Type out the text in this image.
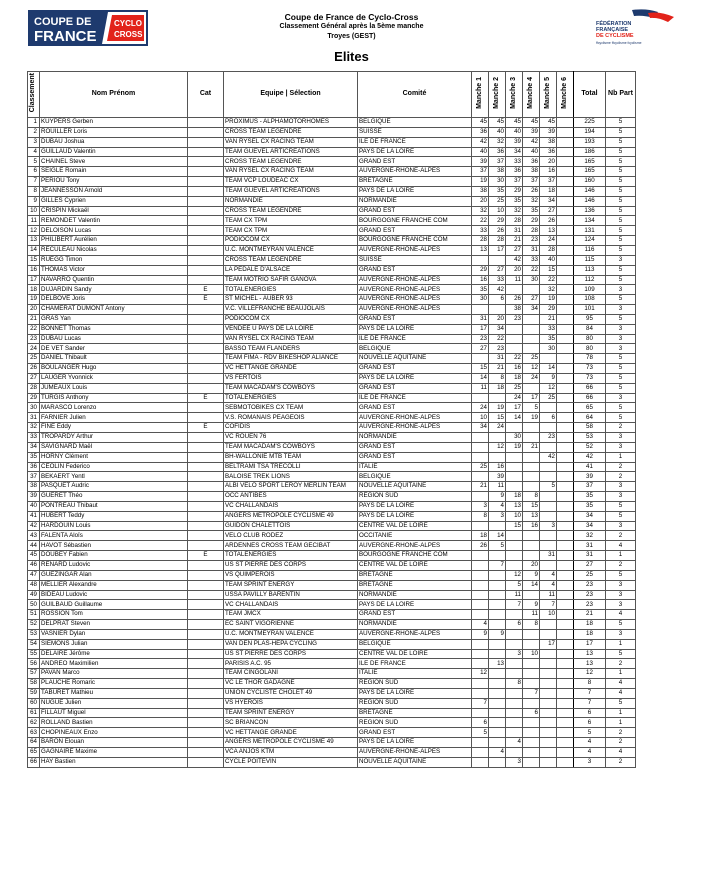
COUPE DE
FRANCE
CYCLO
CROSS
FÉDÉRATION
FRANÇAISE
DE CYCLISME
ffcyclisme ffcyclisme fcyclisme
Coupe de France de Cyclo-Cross
Classement Général après la 5ème manche
Troyes (GEST)
Elites
Classement	Nom Prénom	Cat	Equipe | Sélection	Comité	Manche 1	Manche 2	Manche 3	Manche 4	Manche 5	Manche 6	Total	Nb Part
1	KUYPERS Gerben		PROXIMUS - ALPHAMOTORHOMES	BELGIQUE	45	45	45	45	45		225	5
2	ROUILLER Loris		CROSS TEAM LEGENDRE	SUISSE	36	40	40	39	39		194	5
3	DUBAU Joshua		VAN RYSEL CX RACING TEAM	ILE DE FRANCE	42	32	39	42	38		193	5
4	GUILLAUD Valentin		TEAM GUEVEL ARTICREATIONS	PAYS DE LA LOIRE	40	36	34	40	36		186	5
5	CHAINEL Steve		CROSS TEAM LEGENDRE	GRAND EST	39	37	33	36	20		165	5
6	SEIGLE Romain		VAN RYSEL CX RACING TEAM	AUVERGNE-RHONE-ALPES	37	38	36	38	16		165	5
7	PERIOU Tony		TEAM VCP LOUDEAC CX	BRETAGNE	19	30	37	37	37		160	5
8	JEANNESSON Arnold		TEAM GUEVEL ARTICREATIONS	PAYS DE LA LOIRE	38	35	29	26	18		146	5
9	GILLES Cyprien		NORMANDIE	NORMANDIE	20	25	35	32	34		146	5
10	CRISPIN Mickaël		CROSS TEAM LEGENDRE	GRAND EST	32	10	32	35	27		136	5
11	REMONDET Valentin		TEAM CX TPM	BOURGOGNE FRANCHE COM	22	29	28	29	26		134	5
12	DELOISON Lucas		TEAM CX TPM	GRAND EST	33	26	31	28	13		131	5
13	PHILIBERT Aurélien		PODIOCOM CX	BOURGOGNE FRANCHE COM	28	28	21	23	24		124	5
14	RECULEAU Nicolas		U.C. MONTMEYRAN VALENCE	AUVERGNE-RHONE-ALPES	13	17	27	31	28		116	5
15	RUEGG Timon		CROSS TEAM LEGENDRE	SUISSE			42	33	40		115	3
16	THOMAS Victor		LA PEDALE D'ALSACE	GRAND EST	29	27	20	22	15		113	5
17	NAVARRO Quentin		TEAM MOTRIO SAFIR GANOVA	AUVERGNE-RHONE-ALPES	16	33	11	30	22		112	5
18	DUJARDIN Sandy	E	TOTALENERGIES	AUVERGNE-RHONE-ALPES	35	42			32		109	3
19	DELBOVE Joris	E	ST MICHEL - AUBER 93	AUVERGNE-RHONE-ALPES	30	6	26	27	19		108	5
20	CHAMERAT DUMONT Antony		V.C. VILLEFRANCHE BEAUJOLAIS	AUVERGNE-RHONE-ALPES			38	34	29		101	3
21	GRAS Yan		PODIOCOM CX	GRAND EST	31	20	23		21		95	5
22	BONNET Thomas		VENDEE U PAYS DE LA LOIRE	PAYS DE LA LOIRE	17	34			33		84	3
23	DUBAU Lucas		VAN RYSEL CX RACING TEAM	ILE DE FRANCE	23	22			35		80	3
24	DE VET Sander		BASSO TEAM FLANDERS	BELGIQUE	27	23			30		80	3
25	DANIEL Thibault		TEAM FIMA - RDV BIKESHOP ALIANCE	NOUVELLE AQUITAINE		31	22	25			78	5
26	BOULANGER Hugo		VC HETTANGE GRANDE	GRAND EST	15	21	16	12	14		73	5
27	LAUGER Yvonnick		VS FERTOIS	PAYS DE LA LOIRE	14	8	18	24	9		73	5
28	JUMEAUX Louis		TEAM MACADAM'S COWBOYS	GRAND EST	11	18	25		12		66	5
29	TURGIS Anthony	E	TOTALENERGIES	ILE DE FRANCE			24	17	25		66	3
30	MARASCO Lorenzo		SEBMOTOBIKES CX TEAM	GRAND EST	24	19	17	5			65	5
31	FARNIER Julien		V.S. ROMANAIS PEAGEOIS	AUVERGNE-RHONE-ALPES	10	15	14	19	6		64	5
32	FINE Eddy	E	COFIDIS	AUVERGNE-RHONE-ALPES	34	24					58	2
33	TROPARDY Arthur		VC ROUEN 76	NORMANDIE			30		23		53	3
34	SAVIGNARD Maël		TEAM MACADAM'S COWBOYS	GRAND EST		12	19	21			52	3
35	HORNY Clément		BH-WALLONIE MTB TEAM	GRAND EST					42		42	1
36	CEOLIN Federico		BELTRAMI TSA TRECOLLI	ITALIE	25	16					41	2
37	BEKAERT Yentl		BALOISE TREK LIONS	BELGIQUE		39					39	2
38	PASQUET Audric		ALBI VELO SPORT LEROY MERLIN TEAM	NOUVELLE AQUITAINE	21	11			5		37	3
39	GUERET Théo		OCC ANTIBES	REGION SUD		9	18	8			35	3
40	PONTREAU Thibaut		VC CHALLANDAIS	PAYS DE LA LOIRE	3	4	13	15			35	5
41	HUBERT Teddy		ANGERS METROPOLE CYCLISME 49	PAYS DE LA LOIRE	8	3	10	13			34	5
42	HARDOUIN Louis		GUIDON CHALETTOIS	CENTRE VAL DE LOIRE			15	16	3		34	3
43	FALENTA Aloïs		VELO CLUB RODEZ	OCCITANIE	18	14					32	2
44	HAVOT Sébastien		ARDENNES CROSS TEAM GECIBAT	AUVERGNE-RHONE-ALPES	26	5					31	4
45	DOUBEY Fabien	E	TOTALENERGIES	BOURGOGNE FRANCHE COM					31		31	1
46	RENARD Ludovic		US ST PIERRE DES CORPS	CENTRE VAL DE LOIRE		7		20			27	2
47	GUEZINGAR Alan		VS QUIMPEROIS	BRETAGNE			12	9	4		25	5
48	MELLIER Alexandre		TEAM SPRINT ENERGY	BRETAGNE			5	14	4		23	3
49	BIDEAU Ludovic		USSA PAVILLY BARENTIN	NORMANDIE			11		11		23	3
50	GUILBAUD Guillaume		VC CHALLANDAIS	PAYS DE LA LOIRE			7	9	7		23	3
51	ROSSION Tom		TEAM JMCX	GRAND EST				11	10		21	4
52	DELPRAT Steven		EC SAINT VIGORIENNE	NORMANDIE	4		6	8			18	5
53	VASNIER Dylan		U.C. MONTMEYRAN VALENCE	AUVERGNE-RHONE-ALPES	9	9					18	3
54	SIEMONS Julian		VAN DEN PLAS-HEPA CYCLING	BELGIQUE					17		17	1
55	DELAIRE Jérôme		US ST PIERRE DES CORPS	CENTRE VAL DE LOIRE			3	10			13	5
56	ANDREO Maximilien		PARISIS A.C. 95	ILE DE FRANCE		13					13	2
57	PAVAN Marco		TEAM CINGOLANI	ITALIE	12						12	1
58	PLAUCHE Romaric		VC LE THOR GADAGNE	REGION SUD			8				8	4
59	TABURET Mathieu		UNION CYCLISTE CHOLET 49	PAYS DE LA LOIRE				7			7	4
60	NUGUE Julien		VS HYEROIS	REGION SUD	7						7	5
61	FILLAUT Miguel		TEAM SPRINT ENERGY	BRETAGNE				6			6	1
62	ROLLAND Bastien		SC BRIANCON	REGION SUD	6						6	1
63	CHOPINEAUX Enzo		VC HETTANGE GRANDE	GRAND EST	5						5	2
64	BARON Elouan		ANGERS METROPOLE CYCLISME 49	PAYS DE LA LOIRE			4				4	2
65	GAGNAIRE Maxime		VCA ANJOS KTM	AUVERGNE-RHONE-ALPES		4					4	4
66	HAY Bastien		CYCLE POITEVIN	NOUVELLE AQUITAINE			3				3	2
